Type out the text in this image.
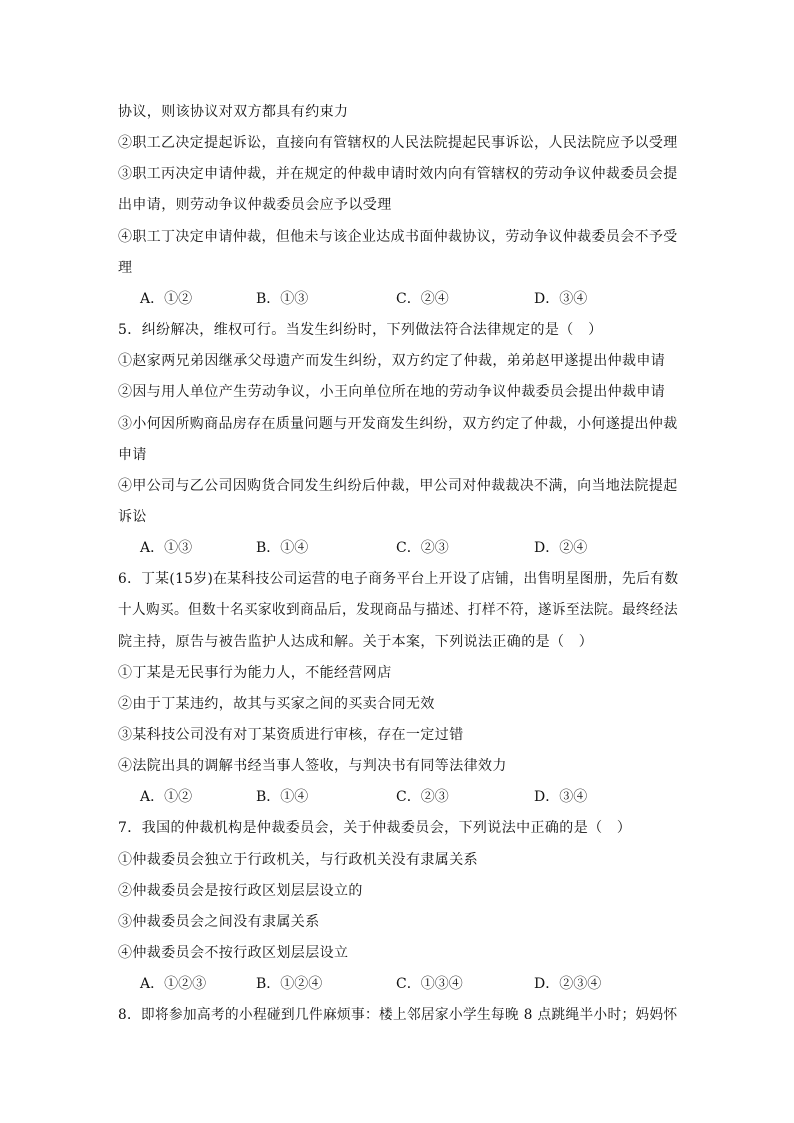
协议，则该协议对双方都具有约束力
②职工乙决定提起诉讼，直接向有管辖权的人民法院提起民事诉讼，人民法院应予以受理
③职工丙决定申请仲裁，并在规定的仲裁申请时效内向有管辖权的劳动争议仲裁委员会提
出申请，则劳动争议仲裁委员会应予以受理
④职工丁决定申请仲裁，但他未与该企业达成书面仲裁协议，劳动争议仲裁委员会不予受
理
A．①②	B．①③	C．②④	D．③④
5．纠纷解决，维权可行。当发生纠纷时，下列做法符合法律规定的是（　）
①赵家两兄弟因继承父母遗产而发生纠纷，双方约定了仲裁，弟弟赵甲遂提出仲裁申请
②因与用人单位产生劳动争议，小王向单位所在地的劳动争议仲裁委员会提出仲裁申请
③小何因所购商品房存在质量问题与开发商发生纠纷，双方约定了仲裁，小何遂提出仲裁
申请
④甲公司与乙公司因购货合同发生纠纷后仲裁，甲公司对仲裁裁决不满，向当地法院提起
诉讼
A．①③	B．①④	C．②③	D．②④
6．丁某(15岁)在某科技公司运营的电子商务平台上开设了店铺，出售明星图册，先后有数
十人购买。但数十名买家收到商品后，发现商品与描述、打样不符，遂诉至法院。最终经法
院主持，原告与被告监护人达成和解。关于本案，下列说法正确的是（　）
①丁某是无民事行为能力人，不能经营网店
②由于丁某违约，故其与买家之间的买卖合同无效
③某科技公司没有对丁某资质进行审核，存在一定过错
④法院出具的调解书经当事人签收，与判决书有同等法律效力
A．①②	B．①④	C．②③	D．③④
7．我国的仲裁机构是仲裁委员会，关于仲裁委员会，下列说法中正确的是（　）
①仲裁委员会独立于行政机关，与行政机关没有隶属关系
②仲裁委员会是按行政区划层层设立的
③仲裁委员会之间没有隶属关系
④仲裁委员会不按行政区划层层设立
A．①②③	B．①②④	C．①③④	D．②③④
8．即将参加高考的小程碰到几件麻烦事：楼上邻居家小学生每晚 8 点跳绳半小时；妈妈怀
